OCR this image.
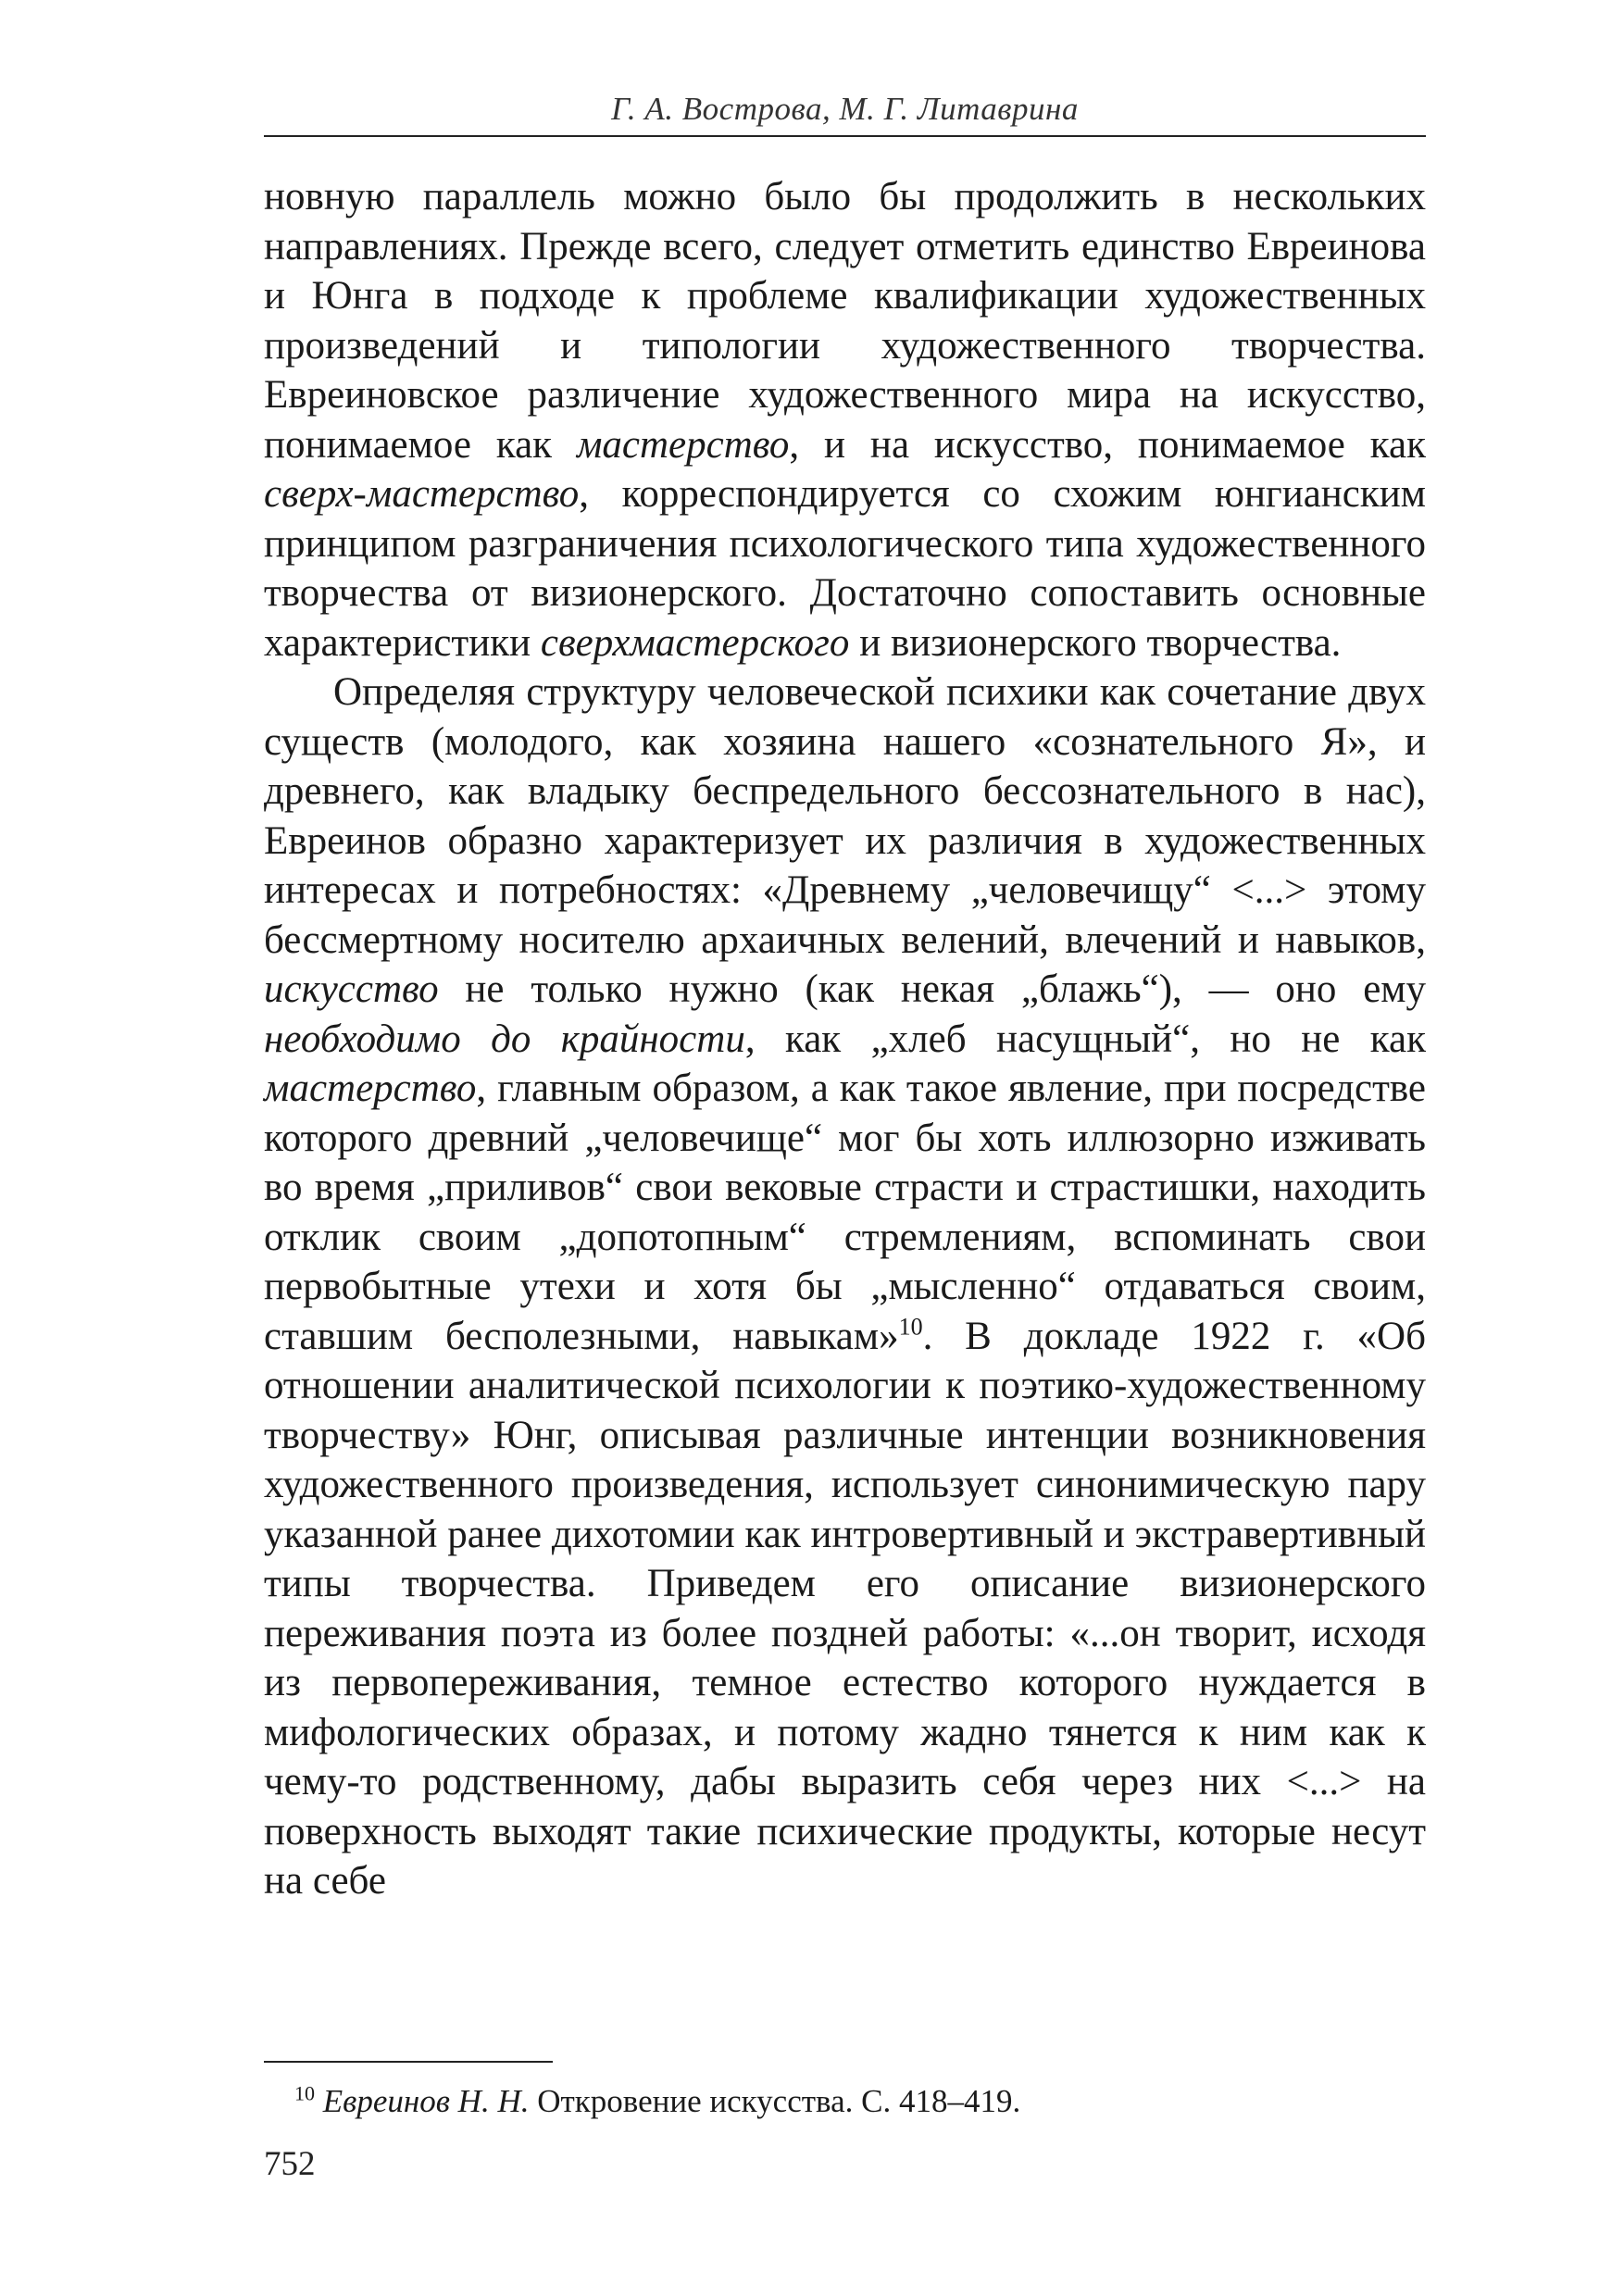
Г. А. Вострова, М. Г. Литаврина

новную параллель можно было бы продолжить в нескольких направлениях. Прежде всего, следует отметить единство Евреинова и Юнга в подходе к проблеме квалификации художественных произведений и типологии художественного творчества. Евреиновское различение художественного мира на искусство, понимаемое как мастерство, и на искусство, понимаемое как сверх-мастерство, корреспондируется со схожим юнгианским принципом разграничения психологического типа художественного творчества от визионерского. Достаточно сопоставить основные характеристики сверхмастерского и визионерского творчества.

Определяя структуру человеческой психики как сочетание двух существ (молодого, как хозяина нашего «сознательного Я», и древнего, как владыку беспредельного бессознательного в нас), Евреинов образно характеризует их различия в художественных интересах и потребностях: «Древнему „человечищу“ <...> этому бессмертному носителю архаичных велений, влечений и навыков, искусство не только нужно (как некая „блажь“), — оно ему необходимо до крайности, как „хлеб насущный“, но не как мастерство, главным образом, а как такое явление, при посредстве которого древний „человечище“ мог бы хоть иллюзорно изживать во время „приливов“ свои вековые страсти и страстишки, находить отклик своим „допотопным“ стремлениям, вспоминать свои первобытные утехи и хотя бы „мысленно“ отдаваться своим, ставшим бесполезными, навыкам»$^{10}$. В докладе 1922 г. «Об отношении аналитической психологии к поэтико-художественному творчеству» Юнг, описывая различные интенции возникновения художественного произведения, использует синонимическую пару указанной ранее дихотомии как интровертивный и экстравертивный типы творчества. Приведем его описание визионерского переживания поэта из более поздней работы: «...он творит, исходя из первопереживания, темное естество которого нуждается в мифологических образах, и потому жадно тянется к ним как к чему-то родственному, дабы выразить себя через них <...> на поверхность выходят такие психические продукты, которые несут на себе

$^{10}$ Евреинов Н. Н. Откровение искусства. С. 418–419.
752
